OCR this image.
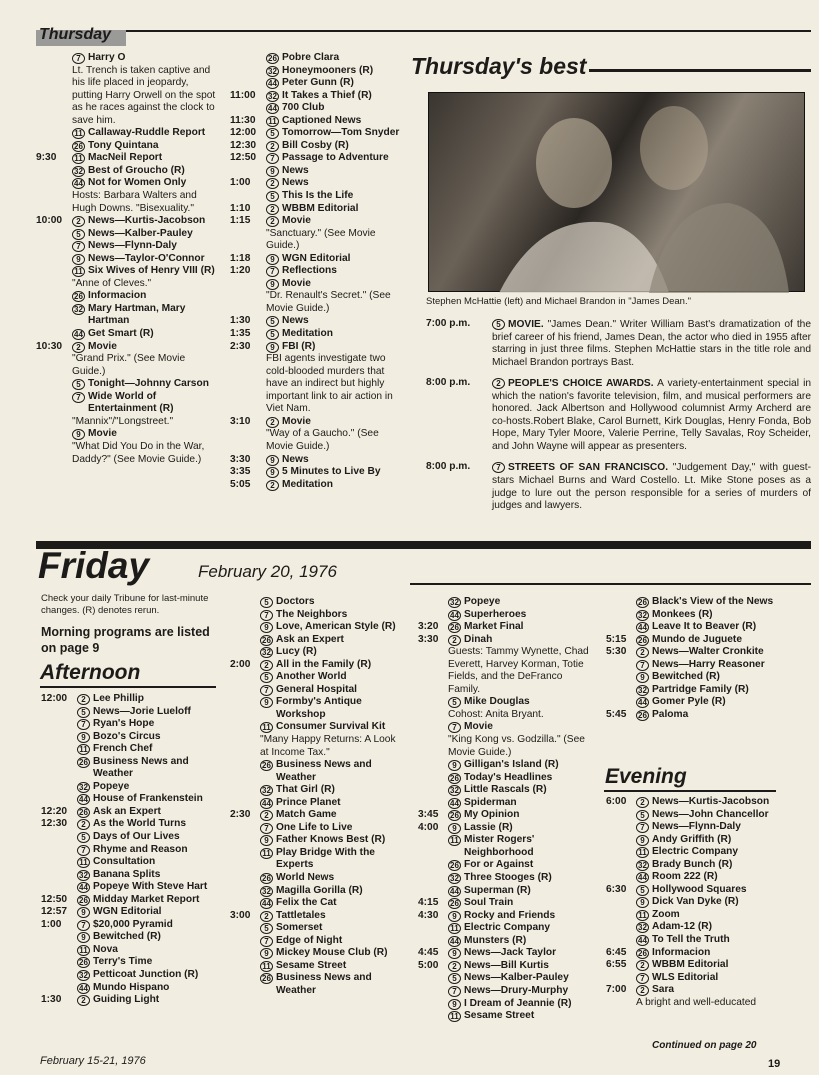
Thursday
7 Harry O
Lt. Trench is taken captive and his life placed in jeopardy, putting Harry Orwell on the spot as he races against the clock to save him.
11 Callaway-Ruddle Report
26 Tony Quintana
9:30	11 MacNeil Report
32 Best of Groucho (R)
44 Not for Women Only
Hosts: Barbara Walters and Hugh Downs. "Bisexuality."
10:00	2 News—Kurtis-Jacobson
5 News—Kalber-Pauley
7 News—Flynn-Daly
9 News—Taylor-O'Connor
11 Six Wives of Henry VIII (R)
"Anne of Cleves."
26 Informacion
32 Mary Hartman, Mary Hartman
44 Get Smart (R)
10:30	2 Movie
"Grand Prix." (See Movie Guide.)
5 Tonight—Johnny Carson
7 Wide World of Entertainment (R)
"Mannix"/"Longstreet."
9 Movie
"What Did You Do in the War, Daddy?" (See Movie Guide.)
26 Pobre Clara
32 Honeymooners (R)
44 Peter Gunn (R)
11:00	32 It Takes a Thief (R)
44 700 Club
11:30	11 Captioned News
12:00	5 Tomorrow—Tom Snyder
12:30	2 Bill Cosby (R)
12:50	7 Passage to Adventure
9 News
1:00	2 News
5 This Is the Life
1:10	2 WBBM Editorial
1:15	2 Movie
"Sanctuary." (See Movie Guide.)
1:18	9 WGN Editorial
1:20	7 Reflections
9 Movie
"Dr. Renault's Secret." (See Movie Guide.)
1:30	5 News
1:35	5 Meditation
2:30	9 FBI (R)
FBI agents investigate two cold-blooded murders that have an indirect but highly important link to air action in Viet Nam.
3:10	2 Movie
"Way of a Gaucho." (See Movie Guide.)
3:30	9 News
3:35	9 5 Minutes to Live By
5:05	2 Meditation
Thursday's best
Stephen McHattie (left) and Michael Brandon in "James Dean."
7:00 p.m.	5 MOVIE. "James Dean." Writer William Bast's dramatization of the brief career of his friend, James Dean, the actor who died in 1955 after starring in just three films. Stephen McHattie stars in the title role and Michael Brandon portrays Bast.
8:00 p.m.	2 PEOPLE'S CHOICE AWARDS. A variety-entertainment special in which the nation's favorite television, film, and musical performers are honored. Jack Albertson and Hollywood columnist Army Archerd are co-hosts.Robert Blake, Carol Burnett, Kirk Douglas, Henry Fonda, Bob Hope, Mary Tyler Moore, Valerie Perrine, Telly Savalas, Roy Scheider, and John Wayne will appear as presenters.
8:00 p.m.	7 STREETS OF SAN FRANCISCO. "Judgement Day," with guest-stars Michael Burns and Ward Costello. Lt. Mike Stone poses as a judge to lure out the person responsible for a series of murders of judges and lawyers.
Friday	February 20, 1976
Check your daily Tribune for last-minute changes. (R) denotes rerun.
Morning programs are listed on page 9
Afternoon
12:00	2 Lee Phillip
5 News—Jorie Lueloff
7 Ryan's Hope
9 Bozo's Circus
11 French Chef
26 Business News and Weather
32 Popeye
44 House of Frankenstein
12:20	26 Ask an Expert
12:30	2 As the World Turns
5 Days of Our Lives
7 Rhyme and Reason
11 Consultation
32 Banana Splits
44 Popeye With Steve Hart
12:50	26 Midday Market Report
12:57	9 WGN Editorial
1:00	7 $20,000 Pyramid
9 Bewitched (R)
11 Nova
26 Terry's Time
32 Petticoat Junction (R)
44 Mundo Hispano
1:30	2 Guiding Light
5 Doctors
7 The Neighbors
9 Love, American Style (R)
26 Ask an Expert
32 Lucy (R)
2:00	2 All in the Family (R)
5 Another World
7 General Hospital
9 Formby's Antique Workshop
11 Consumer Survival Kit
"Many Happy Returns: A Look at Income Tax."
26 Business News and Weather
32 That Girl (R)
44 Prince Planet
2:30	2 Match Game
7 One Life to Live
9 Father Knows Best (R)
11 Play Bridge With the Experts
26 World News
32 Magilla Gorilla (R)
44 Felix the Cat
3:00	2 Tattletales
5 Somerset
7 Edge of Night
9 Mickey Mouse Club (R)
11 Sesame Street
26 Business News and Weather
32 Popeye
44 Superheroes
3:20	26 Market Final
3:30	2 Dinah
Guests: Tammy Wynette, Chad Everett, Harvey Korman, Totie Fields, and the DeFranco Family.
5 Mike Douglas
Cohost: Anita Bryant.
7 Movie
"King Kong vs. Godzilla." (See Movie Guide.)
9 Gilligan's Island (R)
26 Today's Headlines
32 Little Rascals (R)
44 Spiderman
3:45	26 My Opinion
4:00	9 Lassie (R)
11 Mister Rogers' Neighborhood
26 For or Against
32 Three Stooges (R)
44 Superman (R)
4:15	26 Soul Train
4:30	9 Rocky and Friends
11 Electric Company
44 Munsters (R)
4:45	9 News—Jack Taylor
5:00	2 News—Bill Kurtis
5 News—Kalber-Pauley
7 News—Drury-Murphy
9 I Dream of Jeannie (R)
11 Sesame Street
26 Black's View of the News
32 Monkees (R)
44 Leave It to Beaver (R)
5:15	26 Mundo de Juguete
5:30	2 News—Walter Cronkite
7 News—Harry Reasoner
9 Bewitched (R)
32 Partridge Family (R)
44 Gomer Pyle (R)
5:45	26 Paloma
Evening
6:00	2 News—Kurtis-Jacobson
5 News—John Chancellor
7 News—Flynn-Daly
9 Andy Griffith (R)
11 Electric Company
32 Brady Bunch (R)
44 Room 222 (R)
6:30	5 Hollywood Squares
9 Dick Van Dyke (R)
11 Zoom
32 Adam-12 (R)
44 To Tell the Truth
6:45	26 Informacion
6:55	2 WBBM Editorial
7 WLS Editorial
7:00	2 Sara
A bright and well-educated
Continued on page 20
February 15-21, 1976	19
